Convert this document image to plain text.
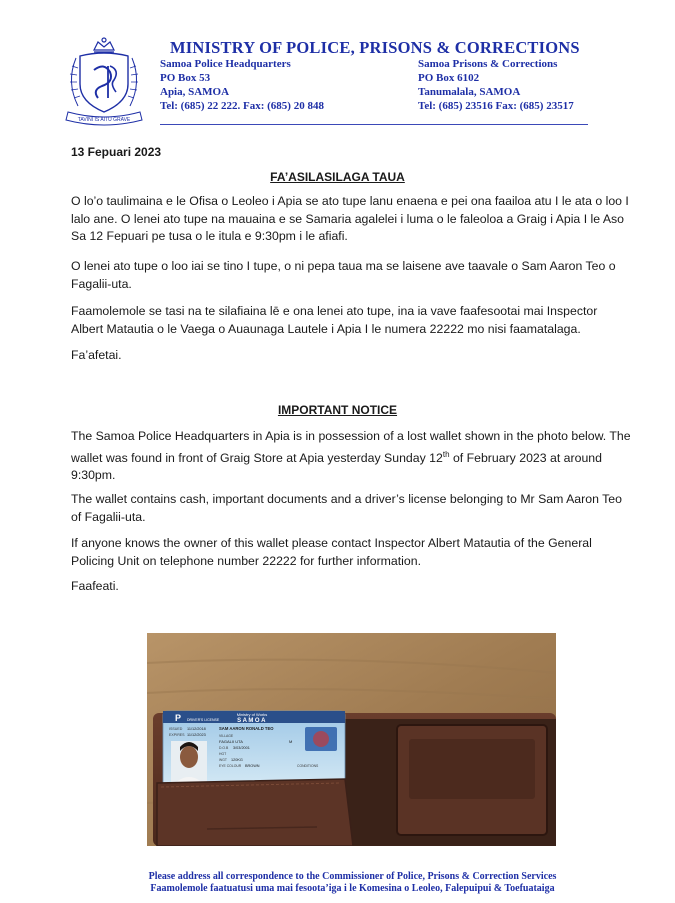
TAVINI IS AITU GRAVE
MINISTRY OF POLICE, PRISONS & CORRECTIONS
Samoa Police Headquarters
PO Box 53
Apia, SAMOA
Tel: (685) 22 222. Fax: (685) 20 848
Samoa Prisons & Corrections
PO Box 6102
Tanumalala, SAMOA
Tel: (685) 23516 Fax: (685) 23517
13 Fepuari 2023
FA’ASILASILAGA TAUA
O lo’o taulimaina e le Ofisa o Leoleo i Apia se ato tupe lanu enaena e pei ona faailoa atu I le ata o loo I lalo ane. O lenei ato tupe na mauaina e se Samaria agalelei i luma o le faleoloa a Graig i Apia I le Aso Sa 12 Fepuari pe tusa o le itula e 9:30pm i le afiafi.
O lenei ato tupe o loo iai se tino I tupe, o ni pepa taua ma se laisene ave taavale o Sam Aaron Teo o Fagalii-uta.
Faamolemole se tasi na te silafiaina lē e ona lenei ato tupe, ina ia vave faafesootai mai Inspector Albert Matautia o le Vaega o Auaunaga Lautele i Apia I le numera 22222 mo nisi faamatalaga.
Fa’afetai.
IMPORTANT NOTICE
The Samoa Police Headquarters in Apia is in possession of a lost wallet shown in the photo below. The wallet was found in front of Graig Store at Apia yesterday Sunday 12th of February 2023 at around 9:30pm.
The wallet contains cash, important documents and a driver’s license belonging to Mr Sam Aaron Teo of Fagalii-uta.
If anyone knows the owner of this wallet please contact Inspector Albert Matautia of the General Policing Unit on telephone number 22222 for further information.
Faafeati.
P	Ministry of Works
SAMOA
DRIVER'S LICENSE
ISSUED 11/12/2018
EXPIRES 11/12/2023
SAM AARON RONALD TEO
VILLAGE
FAGALII UTA	M
D.O.B 3/03/2001
HGT
WGT 120KG
EYE COLOUR BROWN	CONDITIONS
Please address all correspondence to the Commissioner of Police, Prisons & Correction Services
Faamolemole faatuatusi uma mai fesoota’iga i le Komesina o Leoleo, Falepuipui & Toefuataiga
